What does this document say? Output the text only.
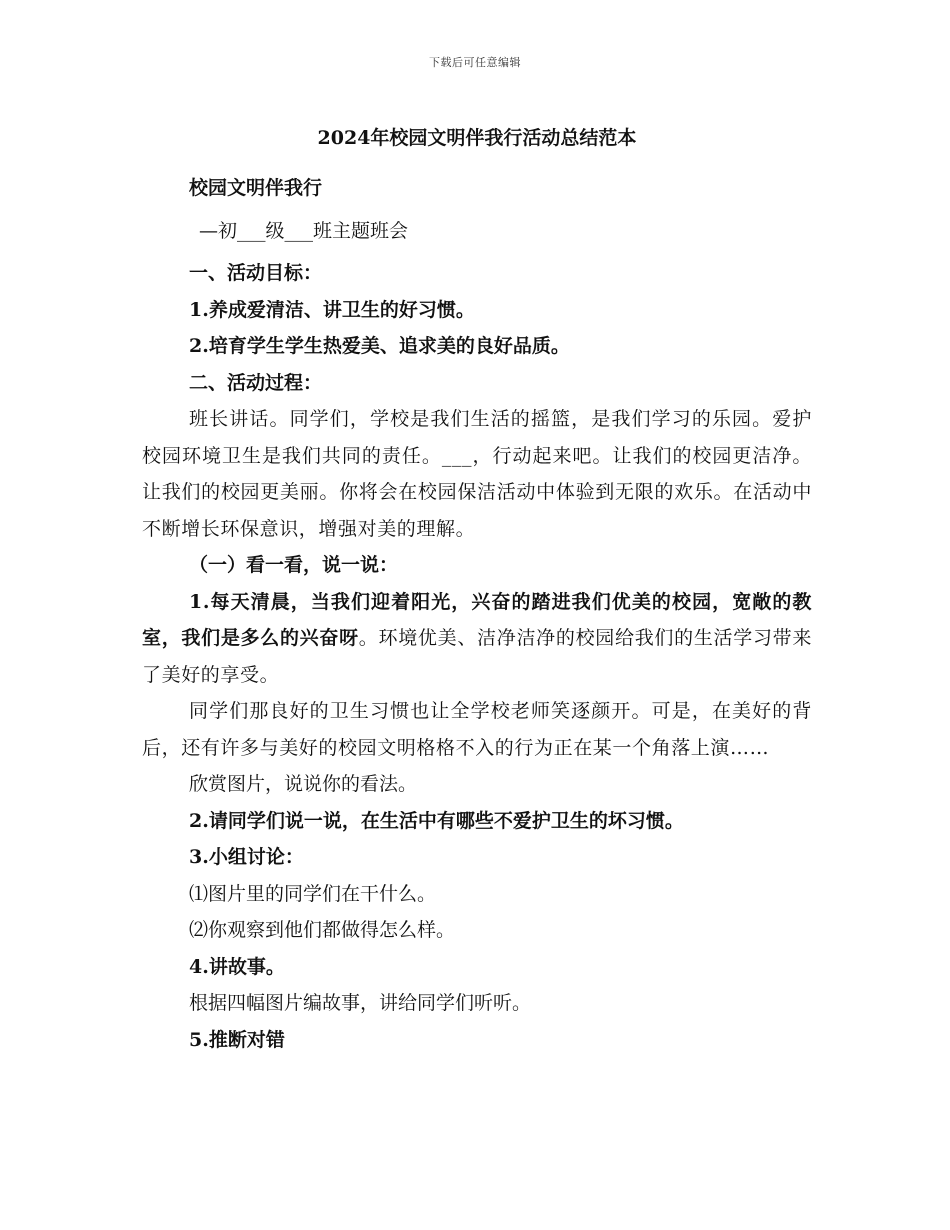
下载后可任意编辑
2024年校园文明伴我行活动总结范本

校园文明伴我行

—初___级___班主题班会

一、活动目标：

1.养成爱清洁、讲卫生的好习惯。

2.培育学生学生热爱美、追求美的良好品质。

二、活动过程：

班长讲话。同学们，学校是我们生活的摇篮，是我们学习的乐园。爱护校园环境卫生是我们共同的责任。___，行动起来吧。让我们的校园更洁净。让我们的校园更美丽。你将会在校园保洁活动中体验到无限的欢乐。在活动中不断增长环保意识，增强对美的理解。

（一）看一看，说一说：

1.每天清晨，当我们迎着阳光，兴奋的踏进我们优美的校园，宽敞的教室，我们是多么的兴奋呀。环境优美、洁净洁净的校园给我们的生活学习带来了美好的享受。

同学们那良好的卫生习惯也让全学校老师笑逐颜开。可是，在美好的背后，还有许多与美好的校园文明格格不入的行为正在某一个角落上演……

欣赏图片，说说你的看法。

2.请同学们说一说，在生活中有哪些不爱护卫生的坏习惯。

3.小组讨论：

⑴图片里的同学们在干什么。

⑵你观察到他们都做得怎么样。

4.讲故事。

根据四幅图片编故事，讲给同学们听听。

5.推断对错
